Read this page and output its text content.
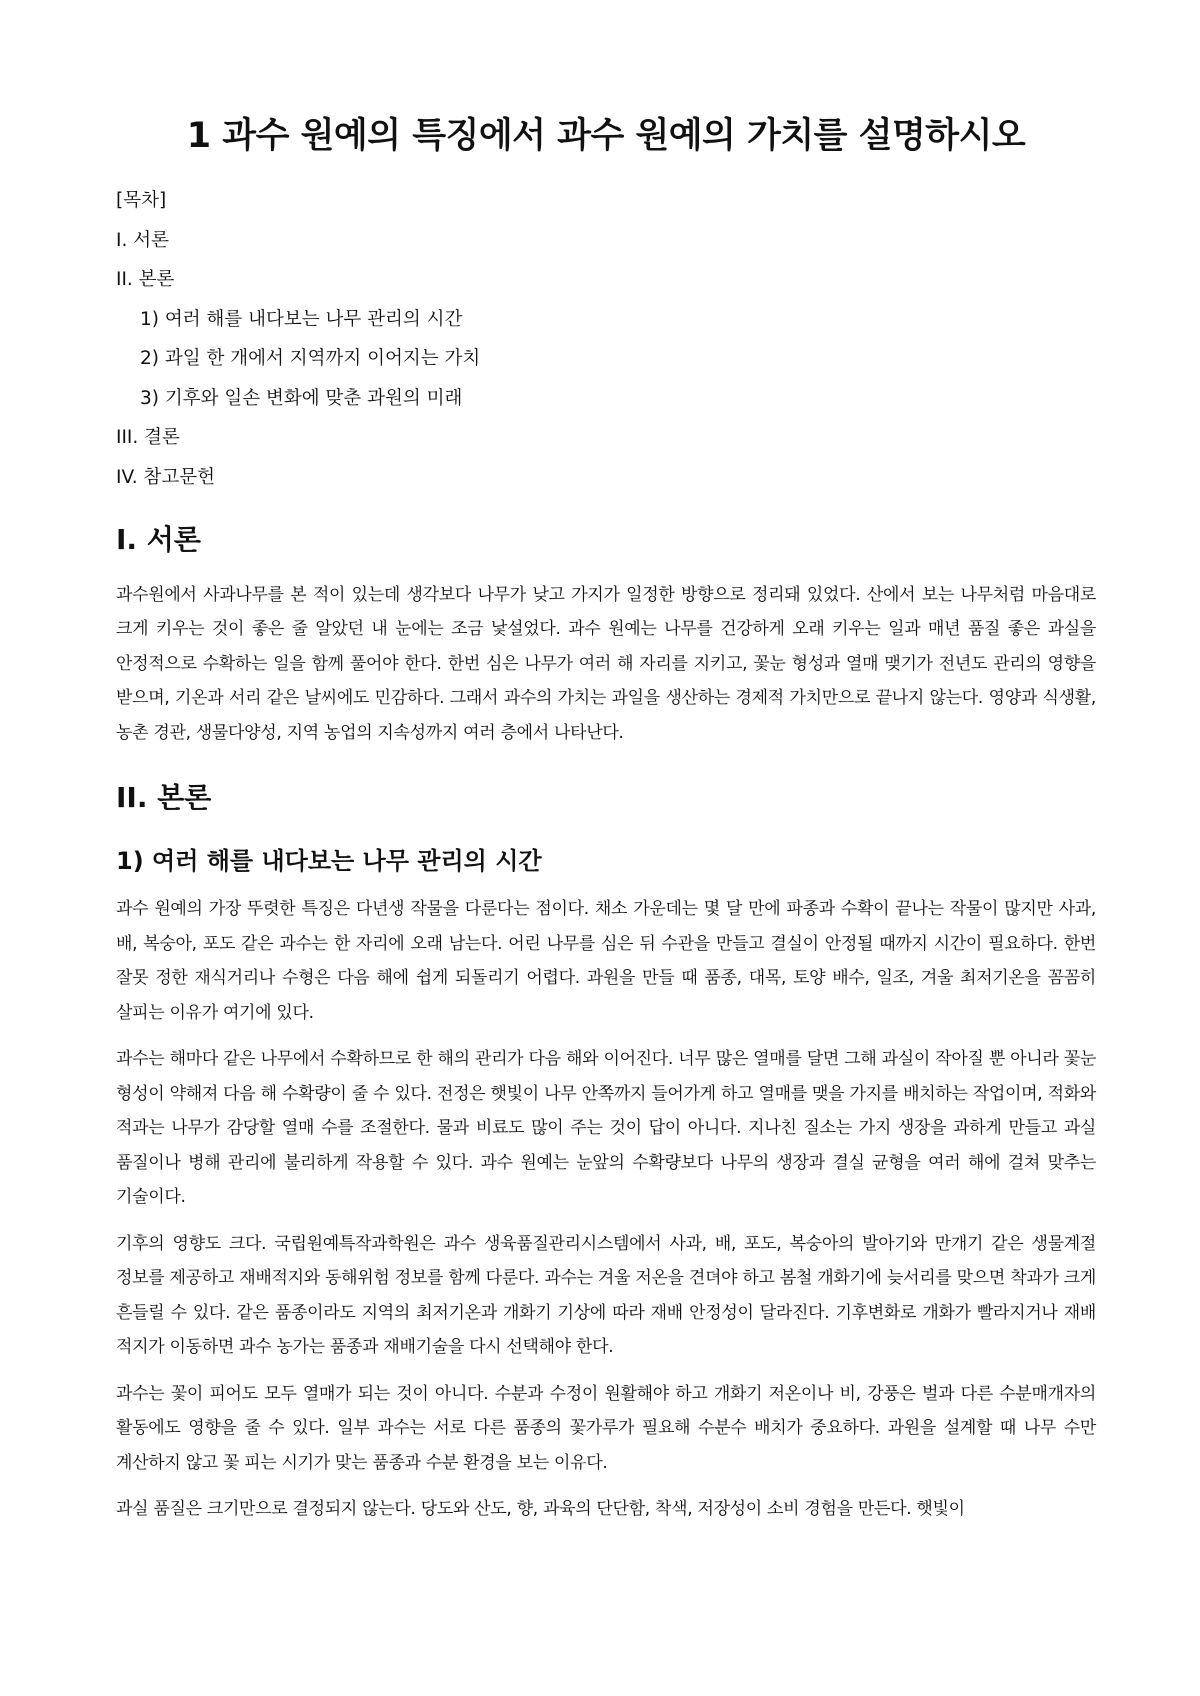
1 과수 원예의 특징에서 과수 원예의 가치를 설명하시오
[목차]
I. 서론
II. 본론
1) 여러 해를 내다보는 나무 관리의 시간
2) 과일 한 개에서 지역까지 이어지는 가치
3) 기후와 일손 변화에 맞춘 과원의 미래
III. 결론
IV. 참고문헌
I. 서론

과수원에서 사과나무를 본 적이 있는데 생각보다 나무가 낮고 가지가 일정한 방향으로 정리돼 있었다. 산에서 보는 나무처럼 마음대로 크게 키우는 것이 좋은 줄 알았던 내 눈에는 조금 낯설었다. 과수 원예는 나무를 건강하게 오래 키우는 일과 매년 품질 좋은 과실을 안정적으로 수확하는 일을 함께 풀어야 한다. 한번 심은 나무가 여러 해 자리를 지키고, 꽃눈 형성과 열매 맺기가 전년도 관리의 영향을 받으며, 기온과 서리 같은 날씨에도 민감하다. 그래서 과수의 가치는 과일을 생산하는 경제적 가치만으로 끝나지 않는다. 영양과 식생활, 농촌 경관, 생물다양성, 지역 농업의 지속성까지 여러 층에서 나타난다.

II. 본론
1) 여러 해를 내다보는 나무 관리의 시간

과수 원예의 가장 뚜렷한 특징은 다년생 작물을 다룬다는 점이다. 채소 가운데는 몇 달 만에 파종과 수확이 끝나는 작물이 많지만 사과, 배, 복숭아, 포도 같은 과수는 한 자리에 오래 남는다. 어린 나무를 심은 뒤 수관을 만들고 결실이 안정될 때까지 시간이 필요하다. 한번 잘못 정한 재식거리나 수형은 다음 해에 쉽게 되돌리기 어렵다. 과원을 만들 때 품종, 대목, 토양 배수, 일조, 겨울 최저기온을 꼼꼼히 살피는 이유가 여기에 있다.

과수는 해마다 같은 나무에서 수확하므로 한 해의 관리가 다음 해와 이어진다. 너무 많은 열매를 달면 그해 과실이 작아질 뿐 아니라 꽃눈 형성이 약해져 다음 해 수확량이 줄 수 있다. 전정은 햇빛이 나무 안쪽까지 들어가게 하고 열매를 맺을 가지를 배치하는 작업이며, 적화와 적과는 나무가 감당할 열매 수를 조절한다. 물과 비료도 많이 주는 것이 답이 아니다. 지나친 질소는 가지 생장을 과하게 만들고 과실 품질이나 병해 관리에 불리하게 작용할 수 있다. 과수 원예는 눈앞의 수확량보다 나무의 생장과 결실 균형을 여러 해에 걸쳐 맞추는 기술이다.

기후의 영향도 크다. 국립원예특작과학원은 과수 생육품질관리시스템에서 사과, 배, 포도, 복숭아의 발아기와 만개기 같은 생물계절 정보를 제공하고 재배적지와 동해위험 정보를 함께 다룬다. 과수는 겨울 저온을 견뎌야 하고 봄철 개화기에 늦서리를 맞으면 착과가 크게 흔들릴 수 있다. 같은 품종이라도 지역의 최저기온과 개화기 기상에 따라 재배 안정성이 달라진다. 기후변화로 개화가 빨라지거나 재배 적지가 이동하면 과수 농가는 품종과 재배기술을 다시 선택해야 한다.

과수는 꽃이 피어도 모두 열매가 되는 것이 아니다. 수분과 수정이 원활해야 하고 개화기 저온이나 비, 강풍은 벌과 다른 수분매개자의 활동에도 영향을 줄 수 있다. 일부 과수는 서로 다른 품종의 꽃가루가 필요해 수분수 배치가 중요하다. 과원을 설계할 때 나무 수만 계산하지 않고 꽃 피는 시기가 맞는 품종과 수분 환경을 보는 이유다.

과실 품질은 크기만으로 결정되지 않는다. 당도와 산도, 향, 과육의 단단함, 착색, 저장성이 소비 경험을 만든다. 햇빛이
